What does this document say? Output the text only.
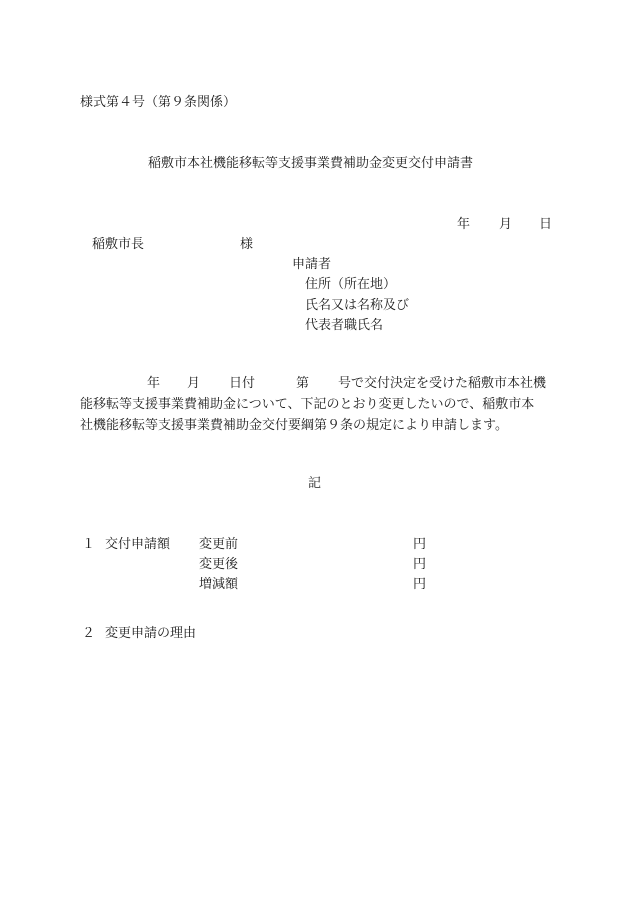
様式第４号（第９条関係）
稲敷市本社機能移転等支援事業費補助金変更交付申請書
年 月 日
稲敷市長	様
申請者
住所（所在地）
氏名又は名称及び
代表者職氏名
年 月 日付	第 号で交付決定を受けた稲敷市本社機
能移転等支援事業費補助金について、下記のとおり変更したいので、稲敷市本
社機能移転等支援事業費補助金交付要綱第９条の規定により申請します。
記
１ 交付申請額 変更前
変更後
増減額
円
円
円
２ 変更申請の理由
